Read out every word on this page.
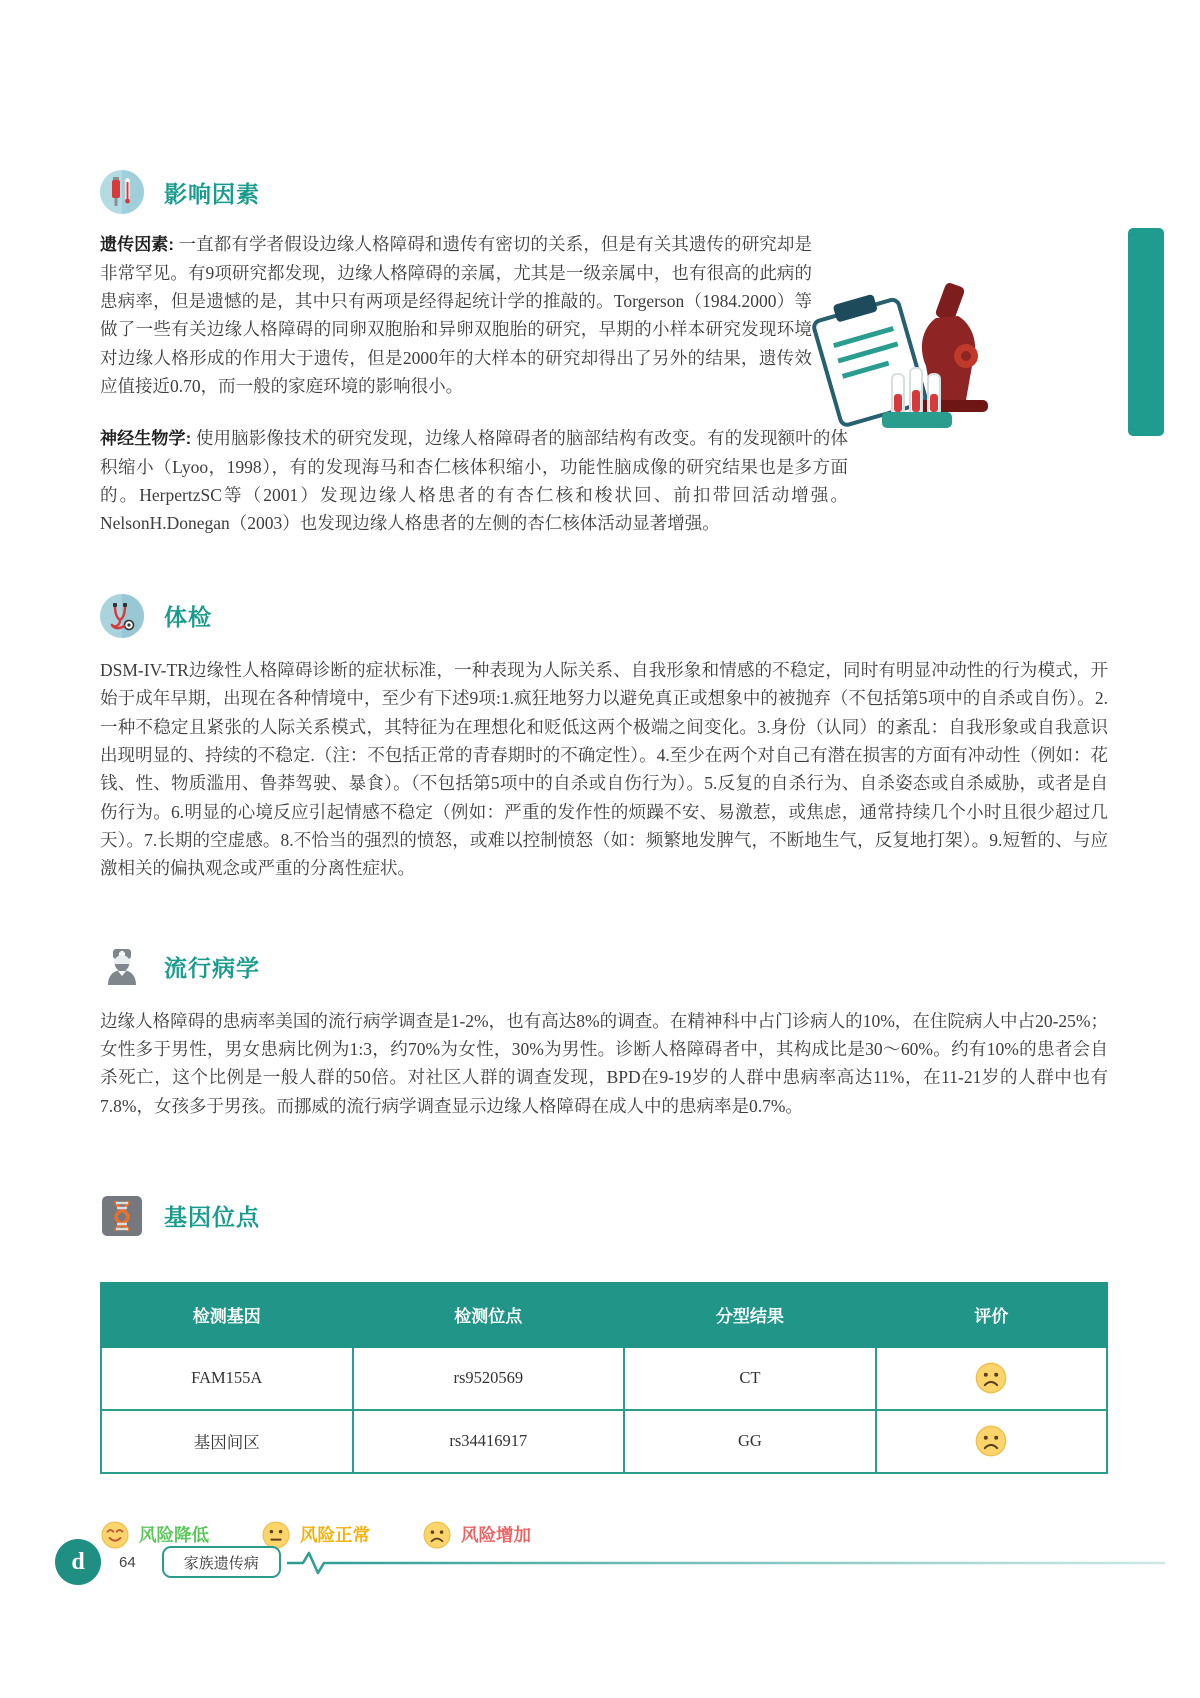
影响因素

遗传因素: 一直都有学者假设边缘人格障碍和遗传有密切的关系，但是有关其遗传的研究却是非常罕见。有9项研究都发现，边缘人格障碍的亲属，尤其是一级亲属中，也有很高的此病的患病率，但是遗憾的是，其中只有两项是经得起统计学的推敲的。Torgerson（1984.2000）等做了一些有关边缘人格障碍的同卵双胞胎和异卵双胞胎的研究，早期的小样本研究发现环境对边缘人格形成的作用大于遗传，但是2000年的大样本的研究却得出了另外的结果，遗传效应值接近0.70，而一般的家庭环境的影响很小。

神经生物学: 使用脑影像技术的研究发现，边缘人格障碍者的脑部结构有改变。有的发现额叶的体积缩小（Lyoo，1998），有的发现海马和杏仁核体积缩小，功能性脑成像的研究结果也是多方面的。HerpertzSC等（2001）发现边缘人格患者的有杏仁核和梭状回、前扣带回活动增强。NelsonH.Donegan（2003）也发现边缘人格患者的左侧的杏仁核体活动显著增强。

体检

DSM-IV-TR边缘性人格障碍诊断的症状标准，一种表现为人际关系、自我形象和情感的不稳定，同时有明显冲动性的行为模式，开始于成年早期，出现在各种情境中，至少有下述9项:1.疯狂地努力以避免真正或想象中的被抛弃（不包括第5项中的自杀或自伤）。2.一种不稳定且紧张的人际关系模式，其特征为在理想化和贬低这两个极端之间变化。3.身份（认同）的紊乱：自我形象或自我意识出现明显的、持续的不稳定.（注：不包括正常的青春期时的不确定性）。4.至少在两个对自己有潜在损害的方面有冲动性（例如：花钱、性、物质滥用、鲁莽驾驶、暴食）。（不包括第5项中的自杀或自伤行为）。5.反复的自杀行为、自杀姿态或自杀威胁，或者是自伤行为。6.明显的心境反应引起情感不稳定（例如：严重的发作性的烦躁不安、易激惹，或焦虑，通常持续几个小时且很少超过几天）。7.长期的空虚感。8.不恰当的强烈的愤怒，或难以控制愤怒（如：频繁地发脾气，不断地生气，反复地打架）。9.短暂的、与应激相关的偏执观念或严重的分离性症状。

流行病学

边缘人格障碍的患病率美国的流行病学调查是1-2%，也有高达8%的调查。在精神科中占门诊病人的10%，在住院病人中占20-25%；女性多于男性，男女患病比例为1:3，约70%为女性，30%为男性。诊断人格障碍者中，其构成比是30～60%。约有10%的患者会自杀死亡，这个比例是一般人群的50倍。对社区人群的调查发现，BPD在9-19岁的人群中患病率高达11%，在11-21岁的人群中也有7.8%，女孩多于男孩。而挪威的流行病学调查显示边缘人格障碍在成人中的患病率是0.7%。

基因位点
检测基因	检测位点	分型结果	评价
FAM155A	rs9520569	CT	
基因间区	rs34416917	GG	
风险降低	风险正常	风险增加
d	64	家族遗传病
